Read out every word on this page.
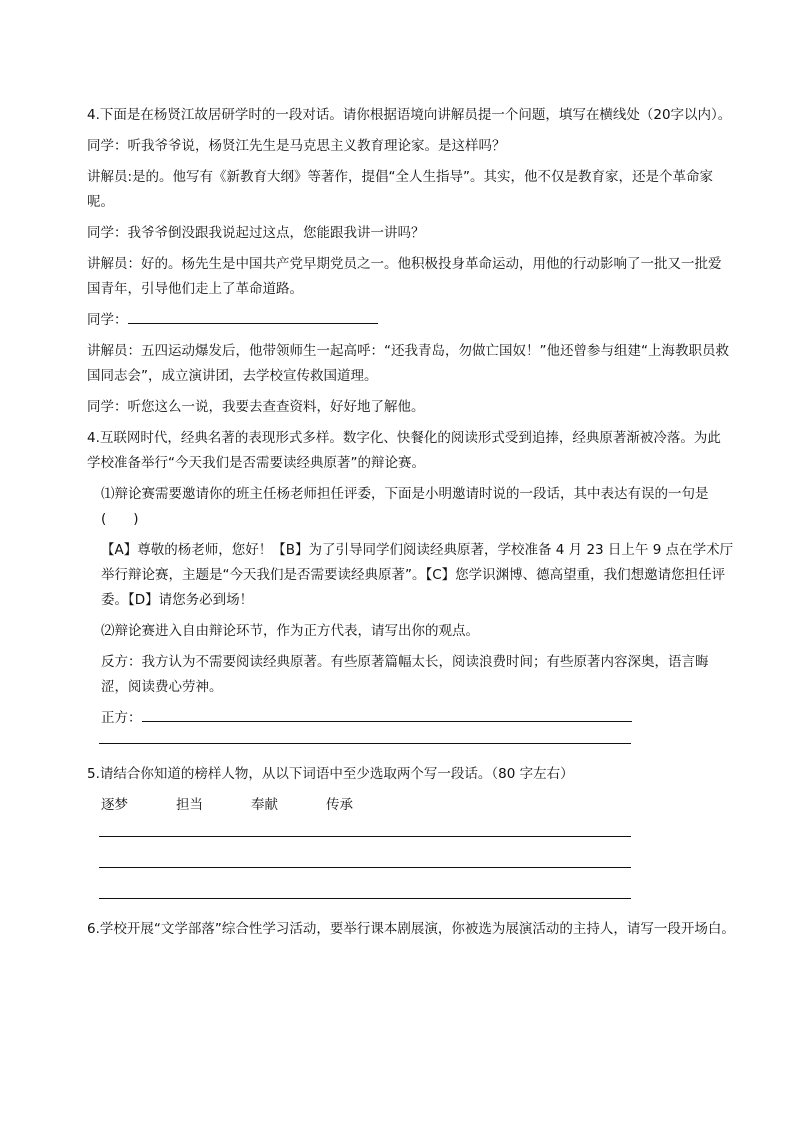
4.下面是在杨贤江故居研学时的一段对话。请你根据语境向讲解员提一个问题，填写在横线处（20字以内）。
同学：听我爷爷说，杨贤江先生是马克思主义教育理论家。是这样吗？
讲解员:是的。他写有《新教育大纲》等著作，提倡“全人生指导”。其实，他不仅是教育家，还是个革命家呢。
同学：我爷爷倒没跟我说起过这点，您能跟我讲一讲吗？
讲解员：好的。杨先生是中国共产党早期党员之一。他积极投身革命运动，用他的行动影响了一批又一批爱国青年，引导他们走上了革命道路。
同学：
讲解员：五四运动爆发后，他带领师生一起高呼：“还我青岛，勿做亡国奴！”他还曾参与组建“上海教职员救国同志会”，成立演讲团，去学校宣传救国道理。
同学：听您这么一说，我要去查查资料，好好地了解他。
4.互联网时代，经典名著的表现形式多样。数字化、快餐化的阅读形式受到追捧，经典原著渐被冷落。为此学校准备举行“今天我们是否需要读经典原著”的辩论赛。
⑴辩论赛需要邀请你的班主任杨老师担任评委，下面是小明邀请时说的一段话，其中表达有误的一句是(　　)
【A】尊敬的杨老师，您好！【B】为了引导同学们阅读经典原著，学校准备 4 月 23 日上午 9 点在学术厅举行辩论赛，主题是“今天我们是否需要读经典原著”。【C】您学识渊博、德高望重，我们想邀请您担任评委。【D】请您务必到场！
⑵辩论赛进入自由辩论环节，作为正方代表，请写出你的观点。
反方：我方认为不需要阅读经典原著。有些原著篇幅太长，阅读浪费时间；有些原著内容深奥，语言晦涩，阅读费心劳神。
正方：
5.请结合你知道的榜样人物，从以下词语中至少选取两个写一段话。（80 字左右）
逐梦	担当	奉献	传承
6.学校开展“文学部落”综合性学习活动，要举行课本剧展演，你被选为展演活动的主持人，请写一段开场白。
